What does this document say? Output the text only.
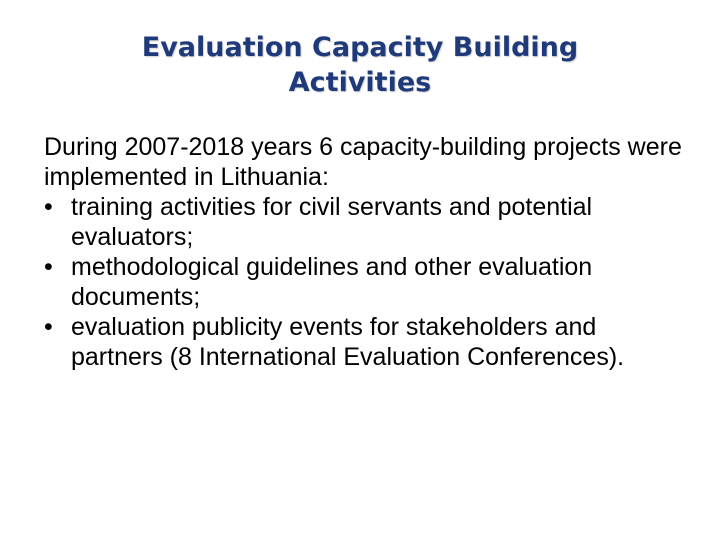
Evaluation Capacity Building
Activities

During 2007-2018 years 6 capacity-building projects were implemented in Lithuania:

• training activities for civil servants and potential evaluators;
• methodological guidelines and other evaluation documents;
• evaluation publicity events for stakeholders and partners (8 International Evaluation Conferences).
